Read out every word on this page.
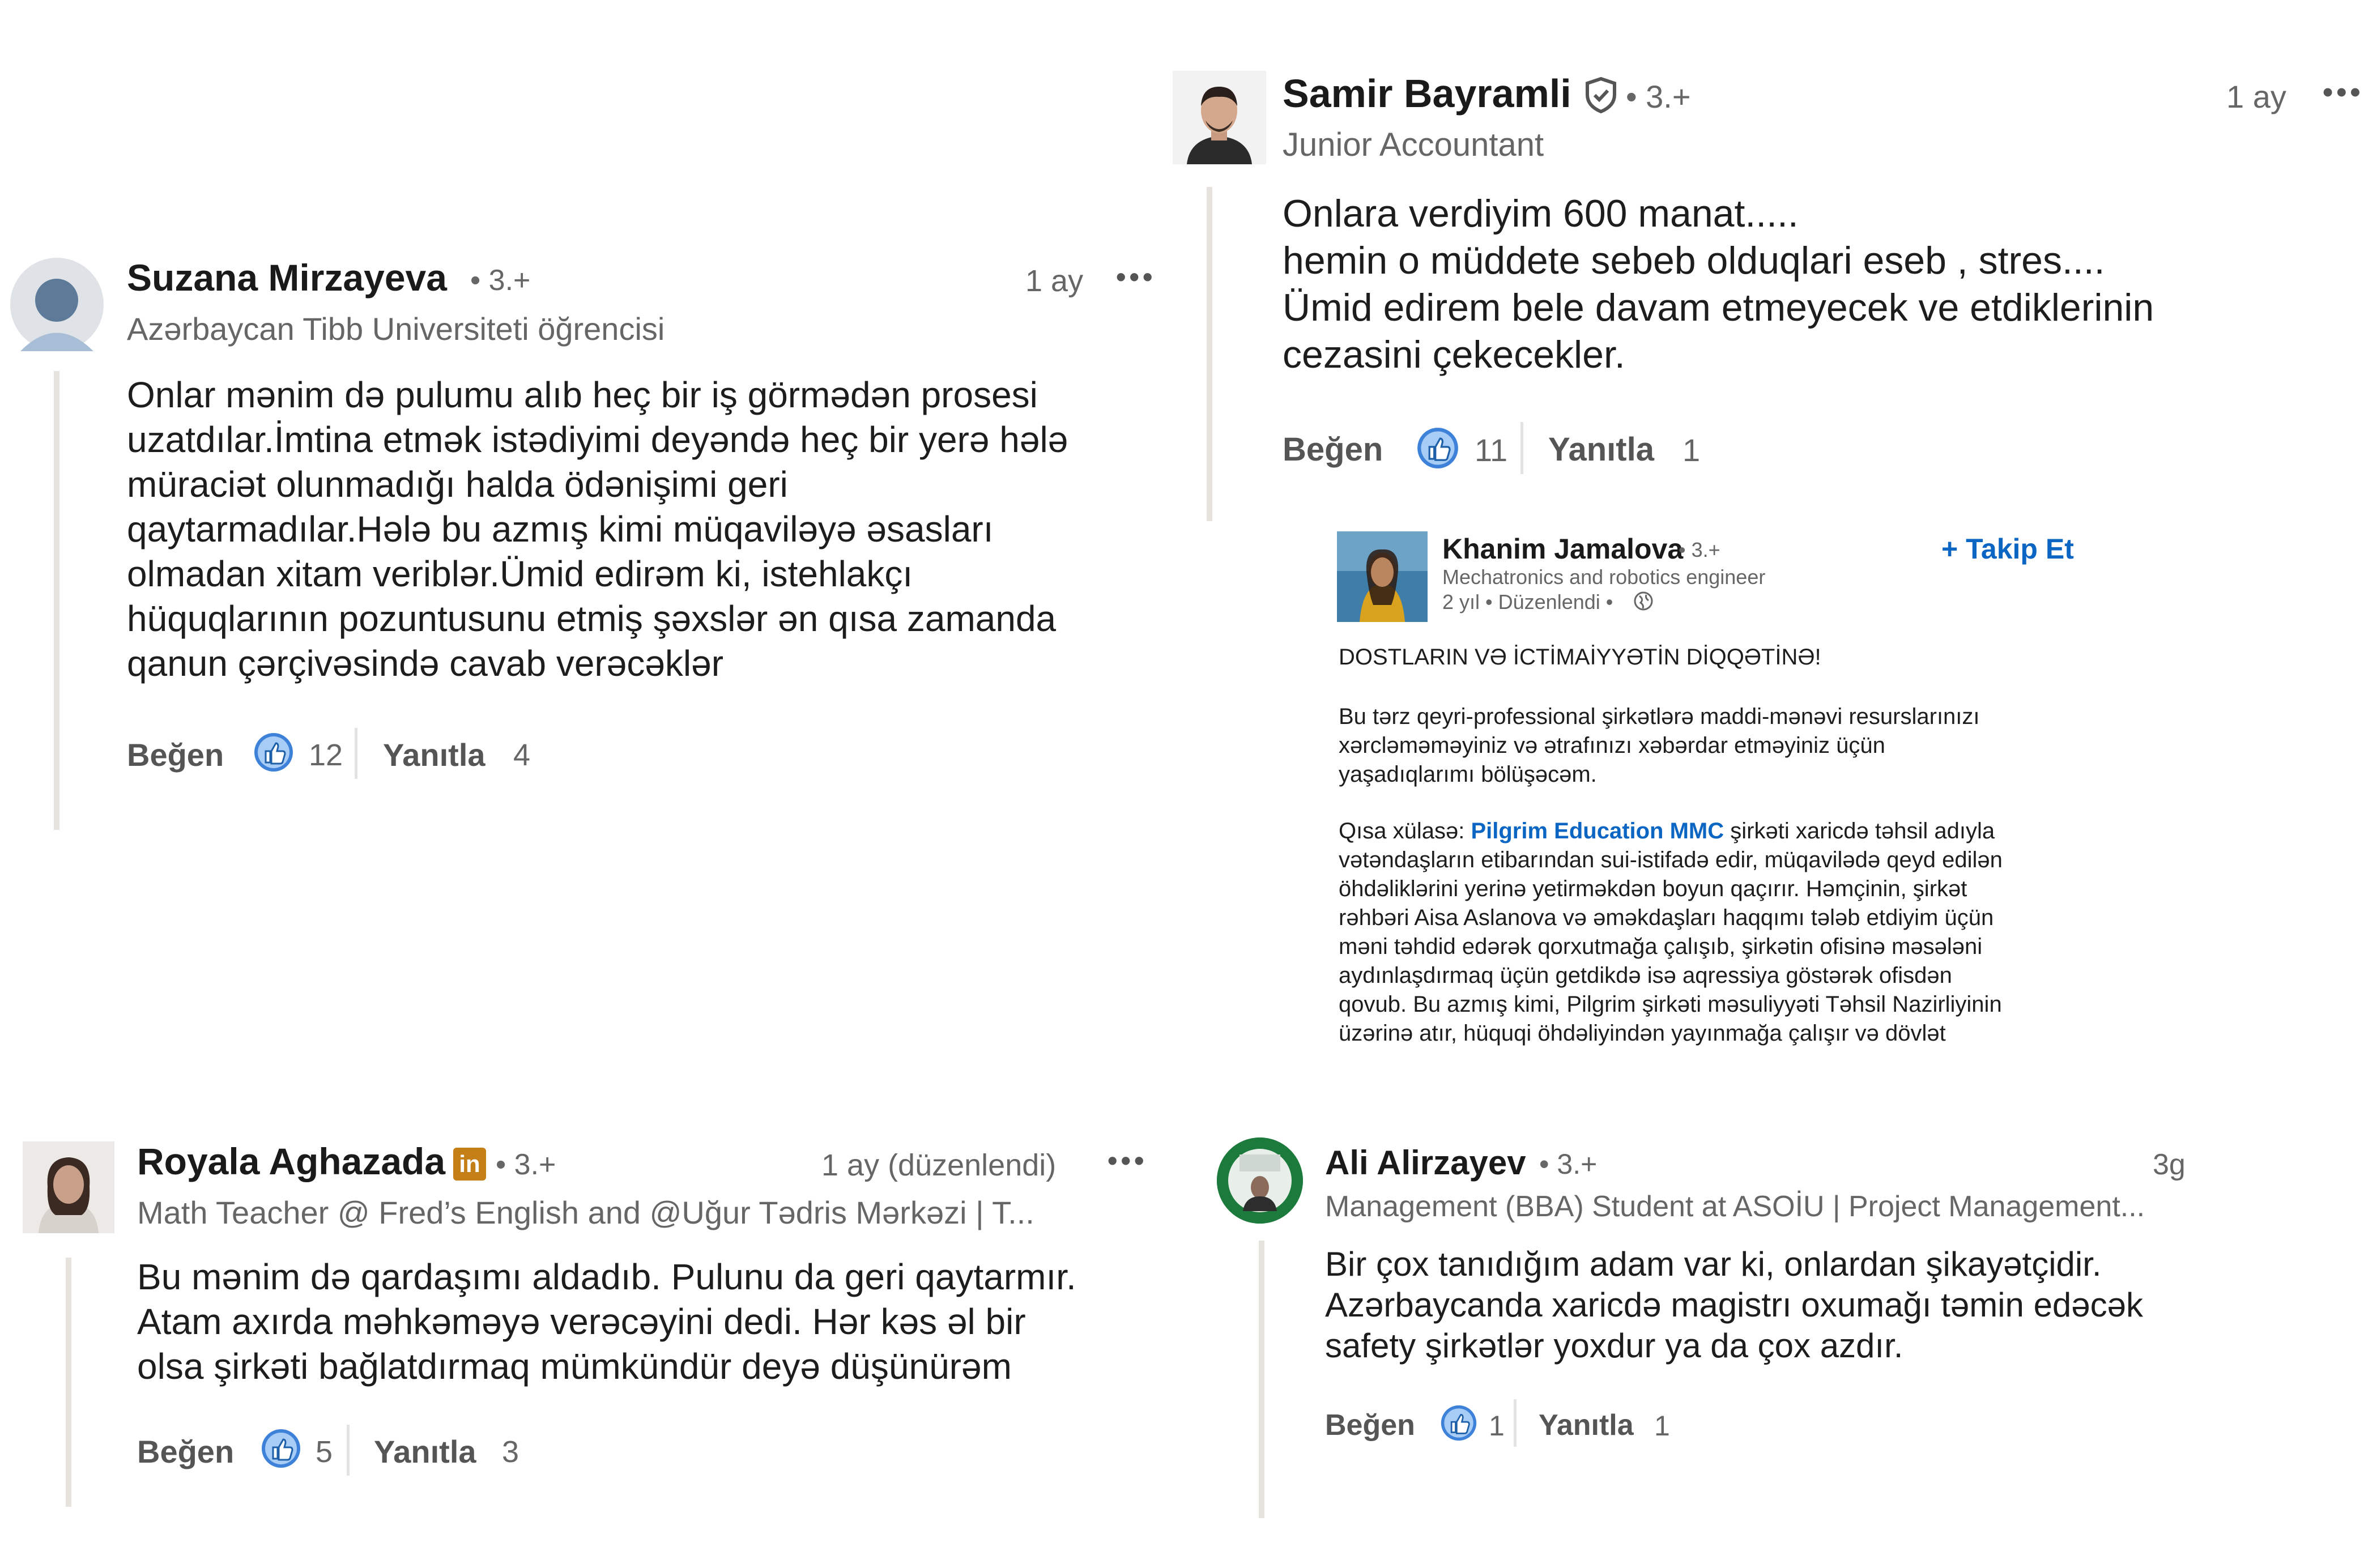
Suzana Mirzayeva • 3.+
Azərbaycan Tibb Universiteti öğrencisi
1 ay •••
Onlar mənim də pulumu alıb heç bir iş görmədən prosesi
uzatdılar.İmtina etmək istədiyimi deyəndə heç bir yerə hələ
müraciət olunmadığı halda ödənişimi geri
qaytarmadılar.Hələ bu azmış kimi müqaviləyə əsasları
olmadan xitam veriblər.Ümid edirəm ki, istehlakçı
hüquqlarının pozuntusunu etmiş şəxslər ən qısa zamanda
qanun çərçivəsində cavab verəcəklər
Beğen	12 Yanıtla 4
Samir Bayramli • 3.+
Junior Accountant
1 ay •••
Onlara verdiyim 600 manat.....
hemin o müddete sebeb olduqlari eseb , stres....
Ümid edirem bele davam etmeyecek ve etdiklerinin
cezasini çekecekler.
Beğen	11 Yanıtla 1
Khanim Jamalova
• 3.+
Mechatronics and robotics engineer
2 yıl • Düzenlendi •
+ Takip Et
DOSTLARIN VƏ İCTİMAİYYƏTİN DİQQƏTİNƏ!
Bu tərz qeyri-professional şirkətlərə maddi-mənəvi resurslarınızı
xərcləməməyiniz və ətrafınızı xəbərdar etməyiniz üçün
yaşadıqlarımı bölüşəcəm.
Qısa xülasə: Pilgrim Education MMC şirkəti xaricdə təhsil adıyla
vətəndaşların etibarından sui-istifadə edir, müqavilədə qeyd edilən
öhdəliklərini yerinə yetirməkdən boyun qaçırır. Həmçinin, şirkət
rəhbəri Aisa Aslanova və əməkdaşları haqqımı tələb etdiyim üçün
məni təhdid edərək qorxutmağa çalışıb, şirkətin ofisinə məsələni
aydınlaşdırmaq üçün getdikdə isə aqressiya göstərək ofisdən
qovub. Bu azmış kimi, Pilgrim şirkəti məsuliyyəti Təhsil Nazirliyinin
üzərinə atır, hüquqi öhdəliyindən yayınmağa çalışır və dövlət
Royala Aghazada in • 3.+
Math Teacher @ Fred’s English and @Uğur Tədris Mərkəzi | T...
1 ay (düzenlendi) •••
Bu mənim də qardaşımı aldadıb. Pulunu da geri qaytarmır.
Atam axırda məhkəməyə verəcəyini dedi. Hər kəs əl bir
olsa şirkəti bağlatdırmaq mümkündür deyə düşünürəm
Beğen	5 Yanıtla 3
Ali Alirzayev • 3.+
Management (BBA) Student at ASOİU | Project Management...
3g
Bir çox tanıdığım adam var ki, onlardan şikayətçidir.
Azərbaycanda xaricdə magistrı oxumağı təmin edəcək
safety şirkətlər yoxdur ya da çox azdır.
Beğen	1 Yanıtla 1
